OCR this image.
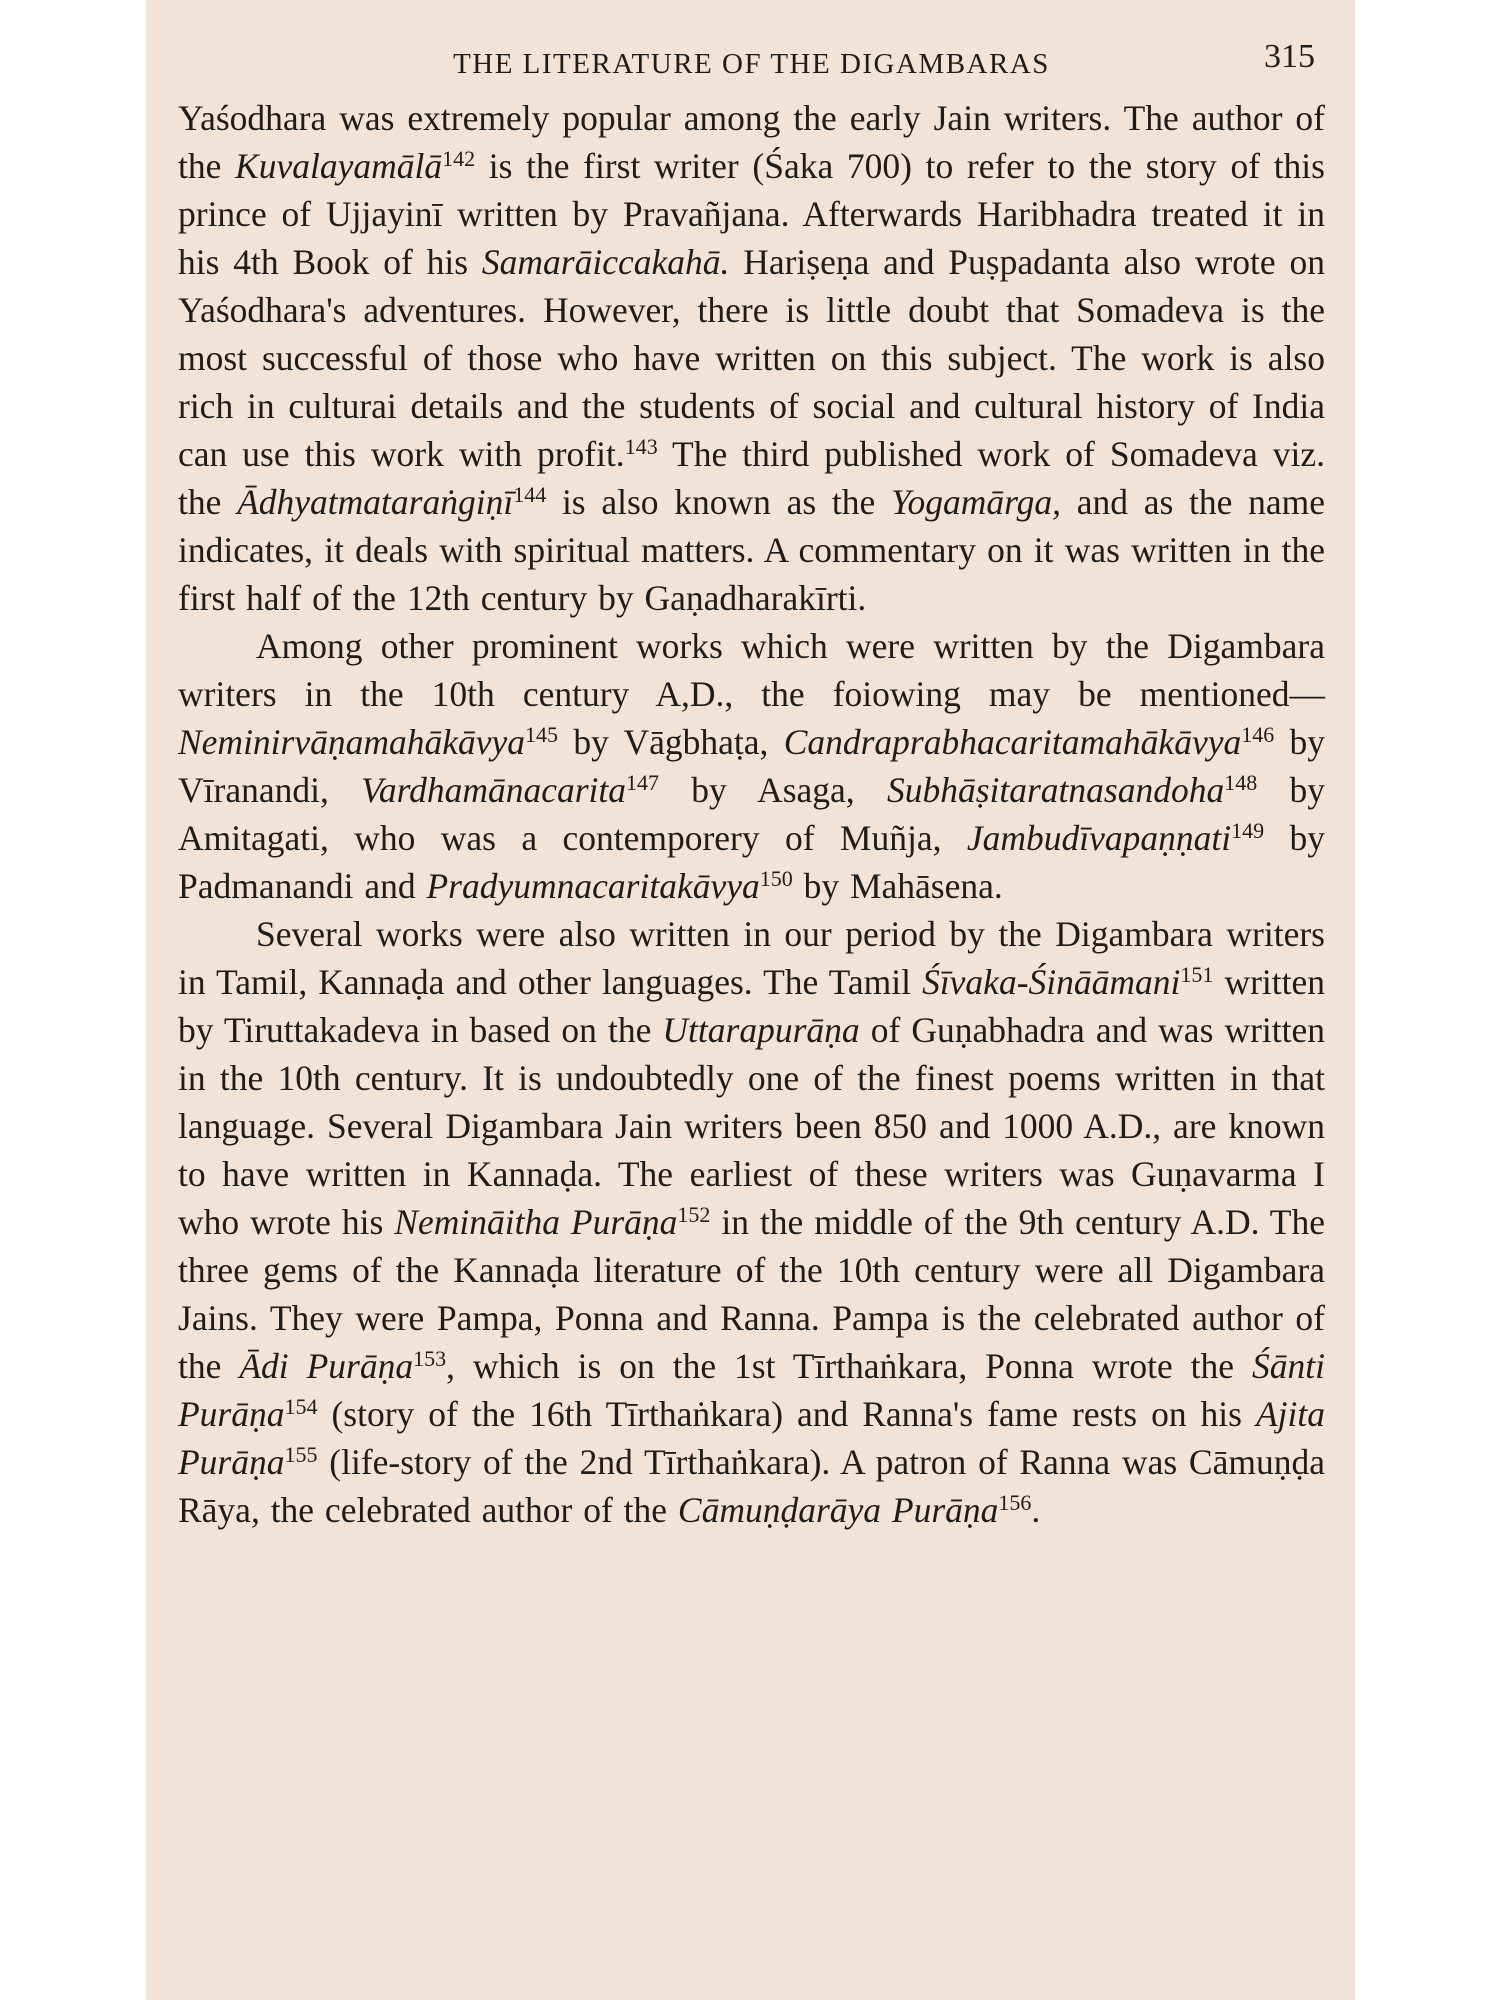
THE LITERATURE OF THE DIGAMBARAS	315

Yaśodhara was extremely popular among the early Jain writers. The author of the Kuvalayamālā$^{142}$ is the first writer (Śaka 700) to refer to the story of this prince of Ujjayinī written by Pravañjana. Afterwards Haribhadra treated it in his 4th Book of his Samarāiccakahā. Hariṣeṇa and Puṣpadanta also wrote on Yaśodhara's adventures. However, there is little doubt that Somadeva is the most successful of those who have written on this subject. The work is also rich in culturai details and the students of social and cultural history of India can use this work with profit.$^{143}$ The third published work of Somadeva viz. the Ādhyatmataraṅgiṇī$^{144}$ is also known as the Yogamārga, and as the name indicates, it deals with spiritual matters. A commentary on it was written in the first half of the 12th century by Gaṇadharakīrti.

Among other prominent works which were written by the Digambara writers in the 10th century A,D., the foiowing may be mentioned—Neminirvāṇamahākāvya$^{145}$ by Vāgbhaṭa, Candraprabhacaritamahākāvya$^{146}$ by Vīranandi, Vardhamānacarita$^{147}$ by Asaga, Subhāṣitaratnasandoha$^{148}$ by Amitagati, who was a contemporery of Muñja, Jambudīvapaṇṇati$^{149}$ by Padmanandi and Pradyumnacaritakāvya$^{150}$ by Mahāsena.

Several works were also written in our period by the Digambara writers in Tamil, Kannaḍa and other languages. The Tamil Śīvaka-Śināāmani$^{151}$ written by Tiruttakadeva in based on the Uttarapurāṇa of Guṇabhadra and was written in the 10th century. It is undoubtedly one of the finest poems written in that language. Several Digambara Jain writers been 850 and 1000 A.D., are known to have written in Kannaḍa. The earliest of these writers was Guṇavarma I who wrote his Nemināitha Purāṇa$^{152}$ in the middle of the 9th century A.D. The three gems of the Kannaḍa literature of the 10th century were all Digambara Jains. They were Pampa, Ponna and Ranna. Pampa is the celebrated author of the Ādi Purāṇa$^{153}$, which is on the 1st Tīrthaṅkara, Ponna wrote the Śānti Purāṇa$^{154}$ (story of the 16th Tīrthaṅkara) and Ranna's fame rests on his Ajita Purāṇa$^{155}$ (life-story of the 2nd Tīrthaṅkara). A patron of Ranna was Cāmuṇḍa Rāya, the celebrated author of the Cāmuṇḍarāya Purāṇa$^{156}$.
